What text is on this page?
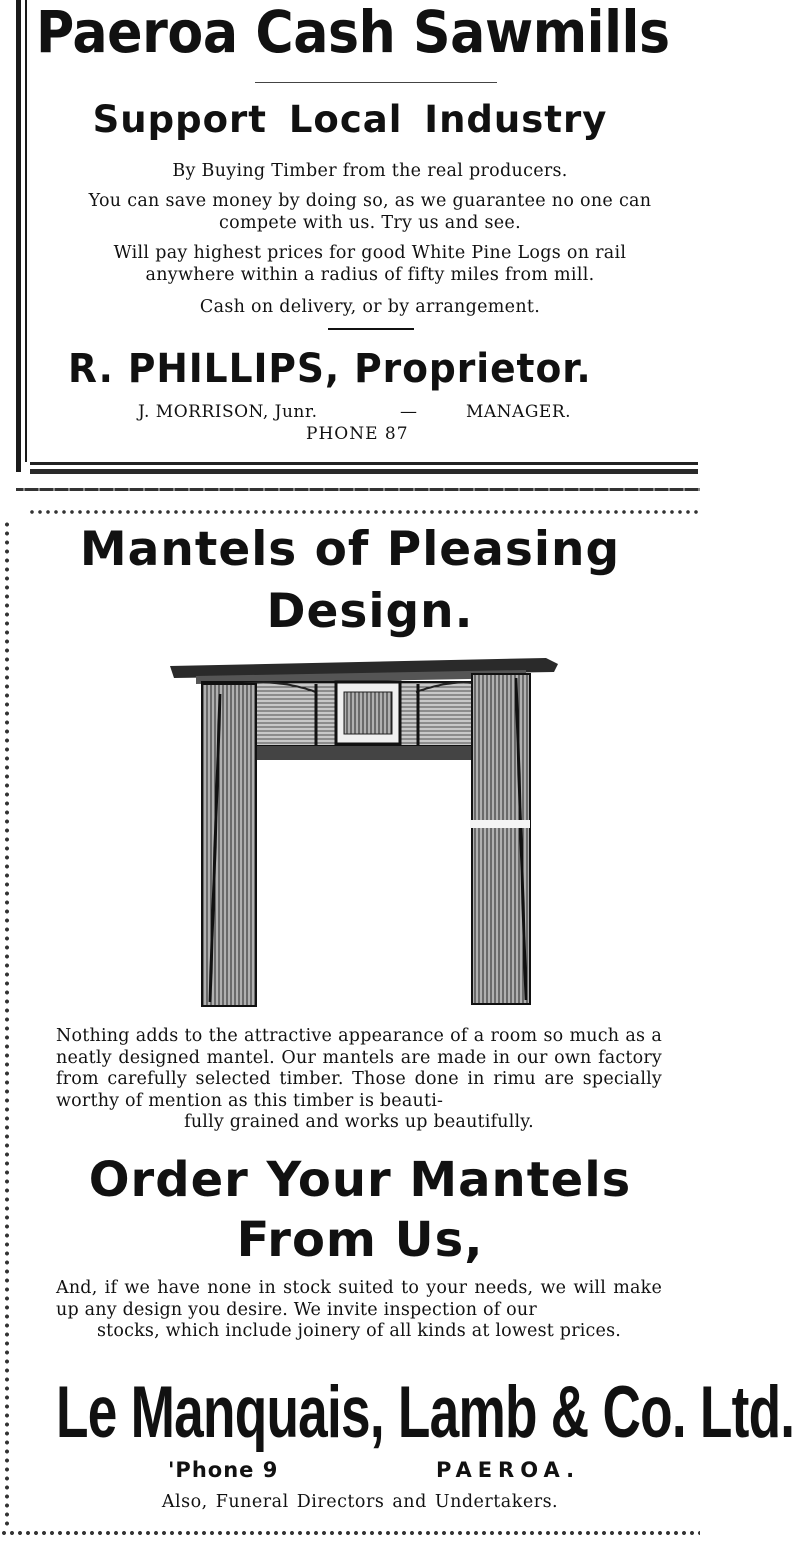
Paeroa Cash Sawmills
Support Local Industry
By Buying Timber from the real producers.
You can save money by doing so, as we guarantee no one can compete with us. Try us and see.
Will pay highest prices for good White Pine Logs on rail anywhere within a radius of fifty miles from mill.
Cash on delivery, or by arrangement.
R. PHILLIPS, Proprietor.
J. MORRISON, Junr.	—	MANAGER.
PHONE 87
Mantels of Pleasing
Design.
Nothing adds to the attractive appearance of a room so much as a neatly designed mantel. Our mantels are made in our own factory from carefully selected timber. Those done in rimu are specially worthy of mention as this timber is beauti-
fully grained and works up beautifully.
Order Your Mantels
From Us,
And, if we have none in stock suited to your needs, we will make up any design you desire. We invite inspection of our
stocks, which include joinery of all kinds at lowest prices.
Le Manquais, Lamb & Co. Ltd.
'Phone 9	PAEROA.
Also, Funeral Directors and Undertakers.
